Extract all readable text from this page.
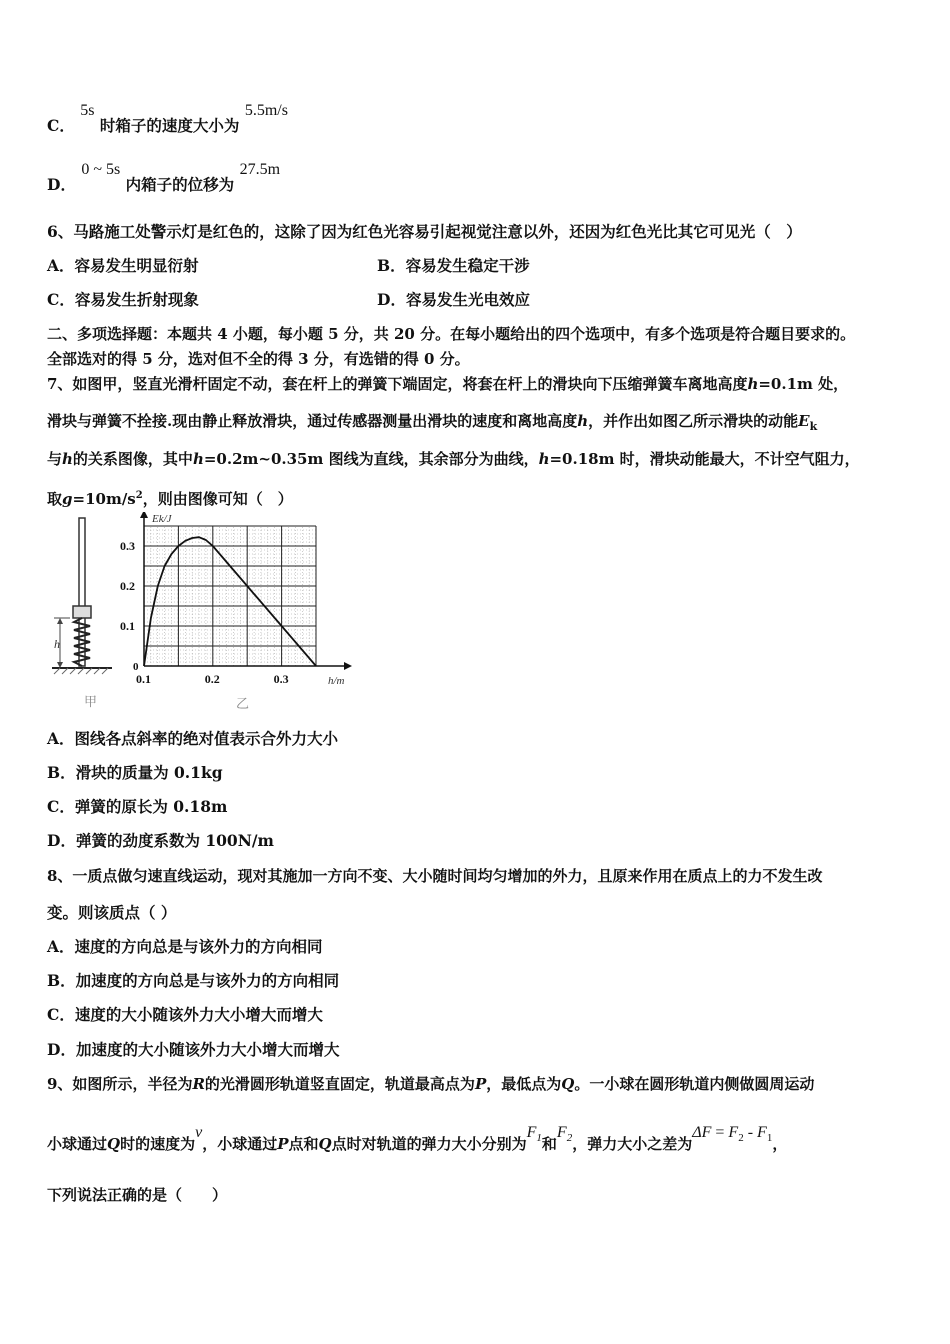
C． 5s 时箱子的速度大小为 5.5m/s
D． 0 ~ 5s 内箱子的位移为 27.5m
6、马路施工处警示灯是红色的，这除了因为红色光容易引起视觉注意以外，还因为红色光比其它可见光（　）
A．容易发生明显衍射	B．容易发生稳定干涉
C．容易发生折射现象	D．容易发生光电效应
二、多项选择题：本题共 4 小题，每小题 5 分，共 20 分。在每小题给出的四个选项中，有多个选项是符合题目要求的。
全部选对的得 5 分，选对但不全的得 3 分，有选错的得 0 分。
7、如图甲，竖直光滑杆固定不动，套在杆上的弹簧下端固定，将套在杆上的滑块向下压缩弹簧车离地高度h=0.1m 处，
滑块与弹簧不拴接.现由静止释放滑块，通过传感器测量出滑块的速度和离地高度h，并作出如图乙所示滑块的动能$E_k$
与h的关系图像，其中h=0.2m~0.35m 图线为直线，其余部分为曲线，h=0.18m 时，滑块动能最大，不计空气阻力，
取$g=10m/s^2$，则由图像可知（　）
h
甲
0.1	0.2	0.3
0.1
0.2
0.3
0
h/m
Ek/J
乙
A．图线各点斜率的绝对值表示合外力大小
B．滑块的质量为 0.1kg
C．弹簧的原长为 0.18m
D．弹簧的劲度系数为 100N/m
8、一质点做匀速直线运动，现对其施加一方向不变、大小随时间均匀增加的外力，且原来作用在质点上的力不发生改
变。则该质点（ ）
A．速度的方向总是与该外力的方向相同
B．加速度的方向总是与该外力的方向相同
C．速度的大小随该外力大小增大而增大
D．加速度的大小随该外力大小增大而增大
9、如图所示，半径为R的光滑圆形轨道竖直固定，轨道最高点为P，最低点为Q。一小球在圆形轨道内侧做圆周运动
小球通过Q时的速度为v，小球通过P点和Q点时对轨道的弹力大小分别为$F_1$和$F_2$，弹力大小之差为$\Delta F = F_2 - F_1$，
下列说法正确的是（　　）
